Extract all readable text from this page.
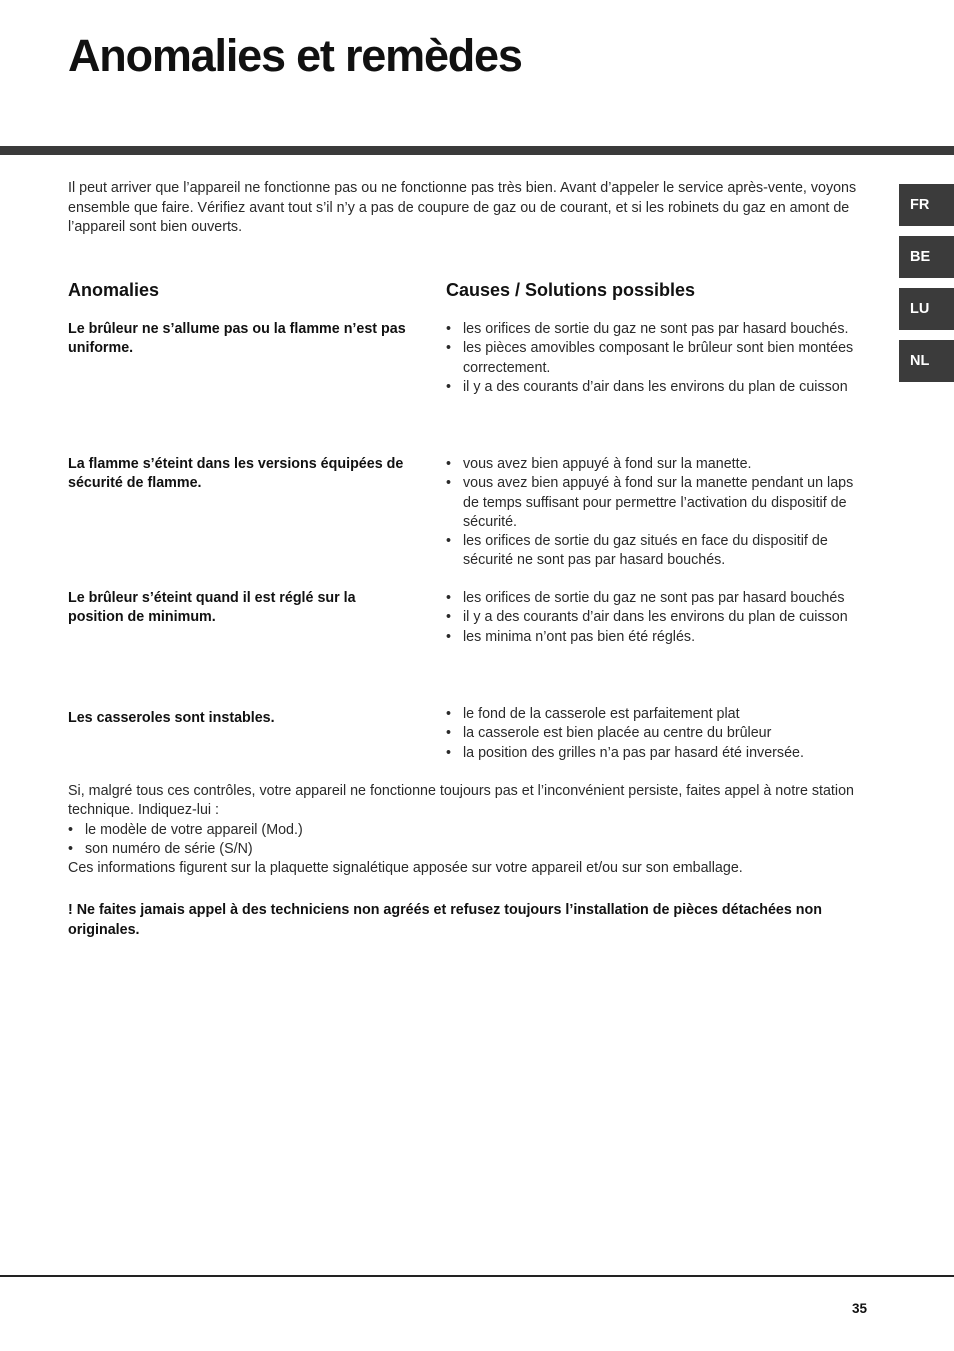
Anomalies et remèdes

Il peut arriver que l’appareil ne fonctionne pas ou ne fonctionne pas très bien. Avant d’appeler le service après-vente, voyons ensemble que faire. Vérifiez avant tout s’il n’y a pas de coupure de gaz ou de courant, et si les robinets du gaz en amont de l’appareil sont bien ouverts.

FR
BE
LU
NL
Anomalies	Causes / Solutions possibles

Le brûleur ne s’allume pas ou la flamme n’est pas uniforme.

• les orifices de sortie du gaz ne sont pas par hasard bouchés.
• les pièces amovibles composant le brûleur sont bien montées correctement.
• il y a des courants d’air dans les environs du plan de cuisson

La flamme s’éteint dans les versions équipées de sécurité de flamme.

• vous avez bien appuyé à fond sur la manette.
• vous avez bien appuyé à fond sur la manette pendant un laps de temps suffisant pour permettre l’activation du dispositif de sécurité.
• les orifices de sortie du gaz situés en face du dispositif de sécurité ne sont pas par hasard bouchés.

Le brûleur s’éteint quand il est réglé sur la position de minimum.

• les orifices de sortie du gaz ne sont pas par hasard bouchés
• il y a des courants d’air dans les environs du plan de cuisson
• les minima n’ont pas bien été réglés.

Les casseroles sont instables.	• le fond de la casserole est parfaitement plat
• la casserole est bien placée au centre du brûleur
• la position des grilles n’a pas par hasard été inversée.

Si, malgré tous ces contrôles, votre appareil ne fonctionne toujours pas et l’inconvénient persiste, faites appel à notre station technique. Indiquez-lui :

• le modèle de votre appareil (Mod.)

• son numéro de série (S/N)

Ces informations figurent sur la plaquette signalétique apposée sur votre appareil et/ou sur son emballage.

! Ne faites jamais appel à des techniciens non agréés et refusez toujours l’installation de pièces détachées non originales.

35
